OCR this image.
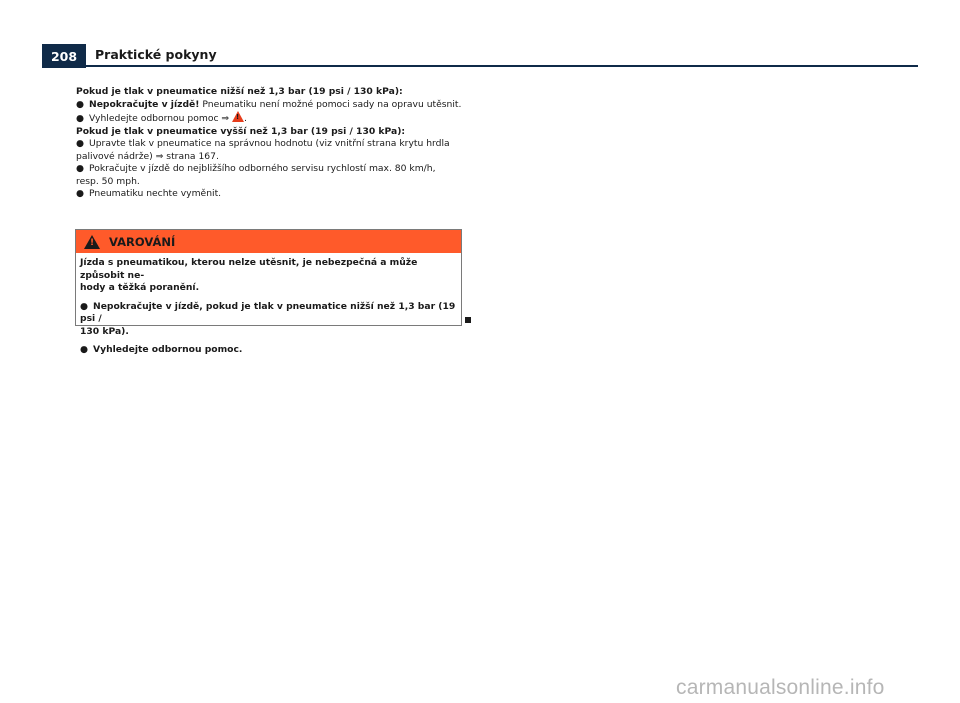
208	Praktické pokyny

Pokud je tlak v pneumatice nižší než 1,3 bar (19 psi / 130 kPa):

● Nepokračujte v jízdě! Pneumatiku není možné pomoci sady na opravu utěsnit.

● Vyhledejte odbornou pomoc ⇒ ! .

Pokud je tlak v pneumatice vyšší než 1,3 bar (19 psi / 130 kPa):

● Upravte tlak v pneumatice na správnou hodnotu (viz vnitřní strana krytu hrdla
palivové nádrže) ⇒ strana 167.

● Pokračujte v jízdě do nejbližšího odborného servisu rychlostí max. 80 km/h,
resp. 50 mph.

● Pneumatiku nechte vyměnit.

! VAROVÁNÍ

Jízda s pneumatikou, kterou nelze utěsnit, je nebezpečná a může způsobit ne-
hody a těžká poranění.

● Nepokračujte v jízdě, pokud je tlak v pneumatice nižší než 1,3 bar (19 psi /
130 kPa).

● Vyhledejte odbornou pomoc.

carmanualsonline.info
